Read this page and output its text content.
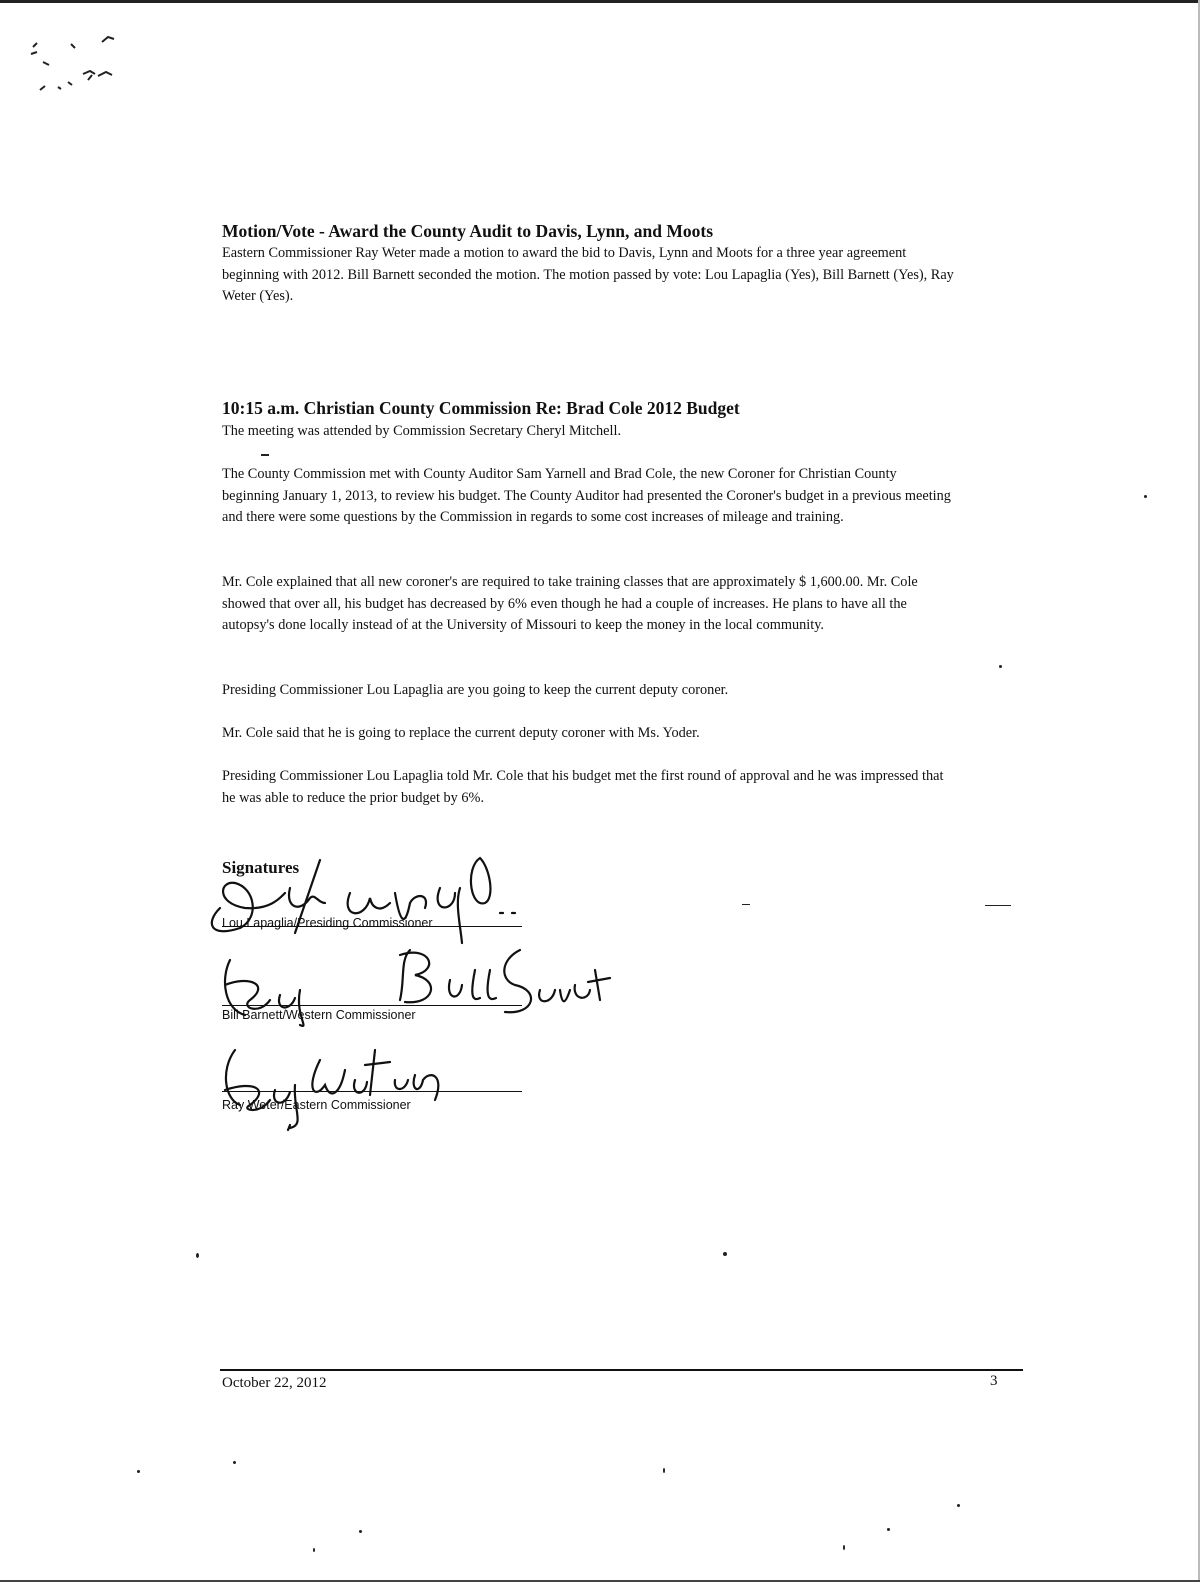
Motion/Vote - Award the County Audit to Davis, Lynn, and Moots
Eastern Commissioner Ray Weter made a motion to award the bid to Davis, Lynn and Moots for a three year agreement beginning with 2012. Bill Barnett seconded the motion. The motion passed by vote: Lou Lapaglia (Yes), Bill Barnett (Yes), Ray Weter (Yes).
10:15 a.m. Christian County Commission Re: Brad Cole 2012 Budget
The meeting was attended by Commission Secretary Cheryl Mitchell.
The County Commission met with County Auditor Sam Yarnell and Brad Cole, the new Coroner for Christian County beginning January 1, 2013, to review his budget. The County Auditor had presented the Coroner's budget in a previous meeting and there were some questions by the Commission in regards to some cost increases of mileage and training.
Mr. Cole explained that all new coroner's are required to take training classes that are approximately $ 1,600.00. Mr. Cole showed that over all, his budget has decreased by 6% even though he had a couple of increases. He plans to have all the autopsy's done locally instead of at the University of Missouri to keep the money in the local community.
Presiding Commissioner Lou Lapaglia are you going to keep the current deputy coroner.
Mr. Cole said that he is going to replace the current deputy coroner with Ms. Yoder.
Presiding Commissioner Lou Lapaglia told Mr. Cole that his budget met the first round of approval and he was impressed that he was able to reduce the prior budget by 6%.
Signatures
Lou Lapaglia/Presiding Commissioner
Bill Barnett/Western Commissioner
Ray Weter/Eastern Commissioner
October 22, 2012	3
